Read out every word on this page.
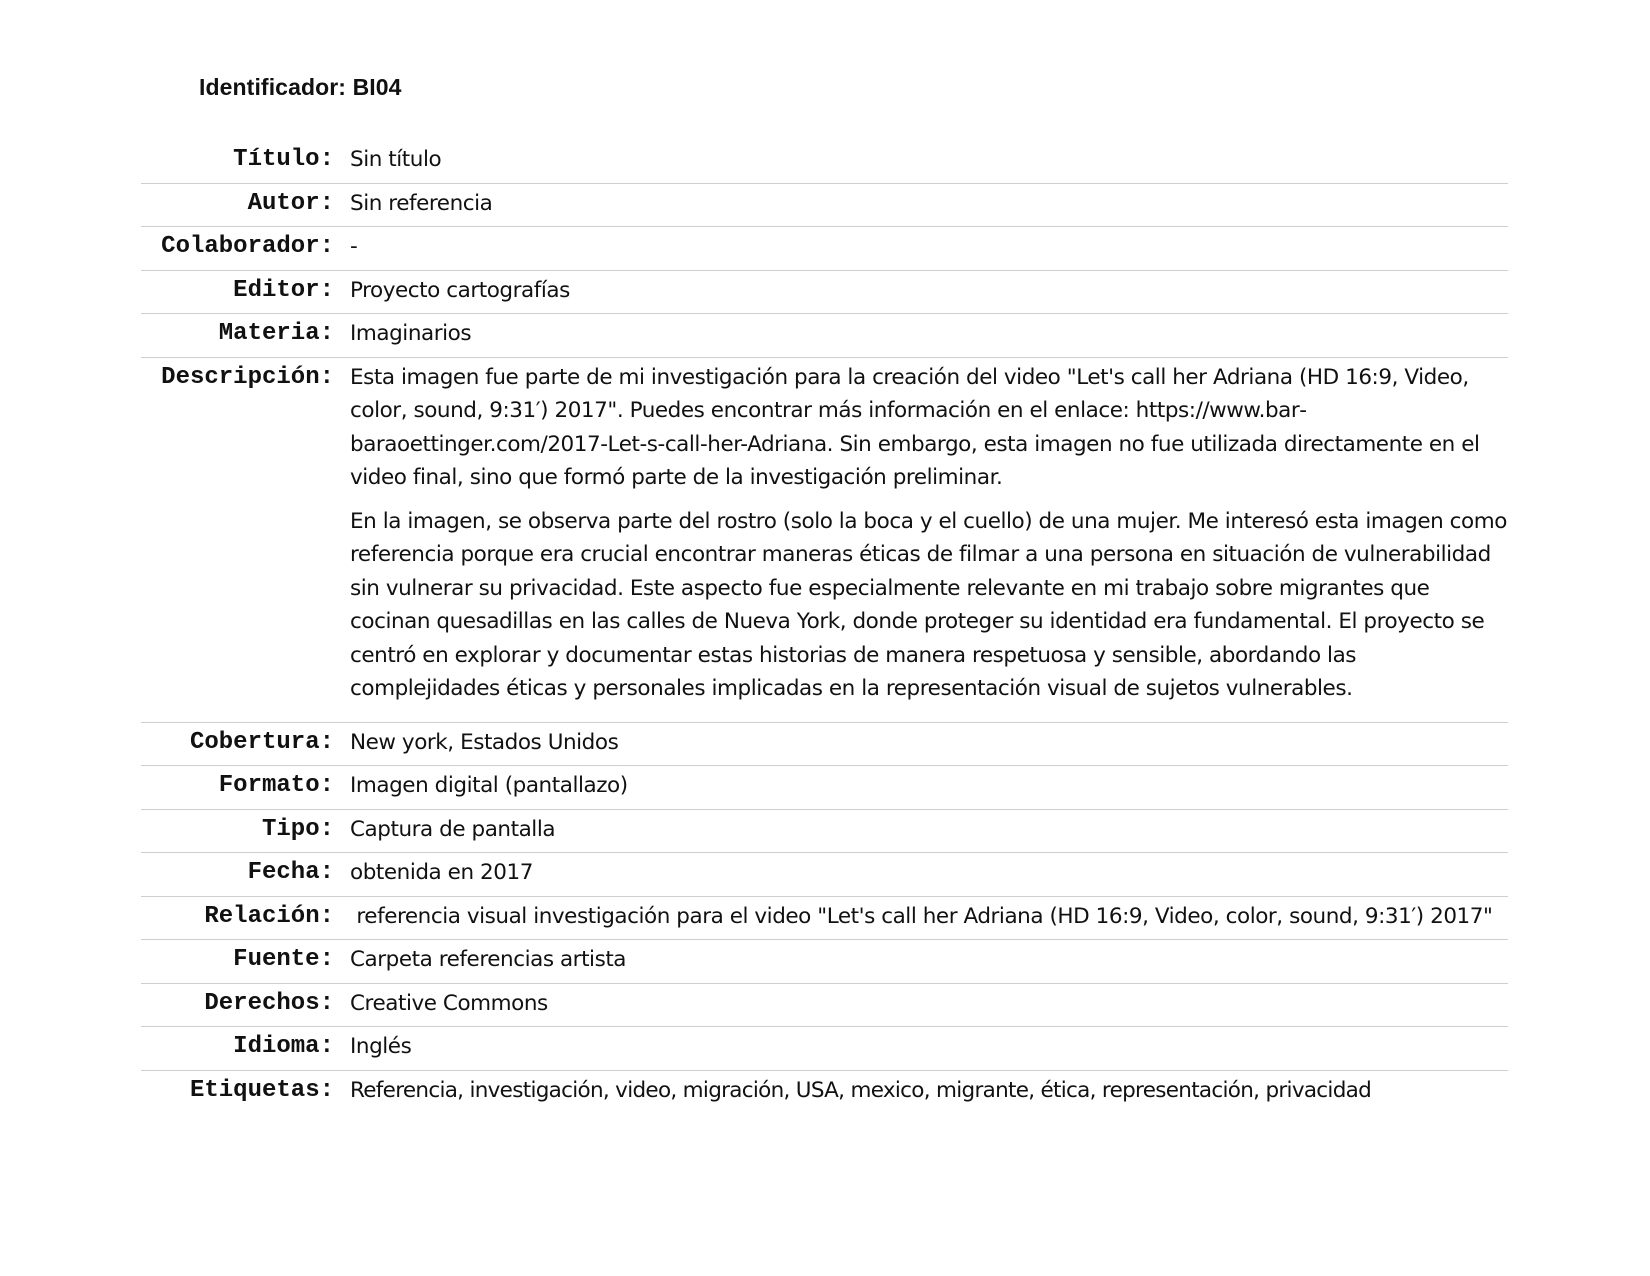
Identificador: BI04
Título: Sin título
Autor: Sin referencia
Colaborador: -
Editor: Proyecto cartografías
Materia: Imaginarios
Descripción: Esta imagen fue parte de mi investigación para la creación del video "Let's call her Adriana (HD 16:9, Video, color, sound, 9:31′) 2017". Puedes encontrar más información en el enlace: https://www.barbaraoettinger.com/2017-Let-s-call-her-Adriana. Sin embargo, esta imagen no fue utilizada directamente en el video final, sino que formó parte de la investigación preliminar.

En la imagen, se observa parte del rostro (solo la boca y el cuello) de una mujer. Me interesó esta imagen como referencia porque era crucial encontrar maneras éticas de filmar a una persona en situación de vulnerabilidad sin vulnerar su privacidad. Este aspecto fue especialmente relevante en mi trabajo sobre migrantes que cocinan quesadillas en las calles de Nueva York, donde proteger su identidad era fundamental. El proyecto se centró en explorar y documentar estas historias de manera respetuosa y sensible, abordando las complejidades éticas y personales implicadas en la representación visual de sujetos vulnerables.

Cobertura: New york, Estados Unidos
Formato: Imagen digital (pantallazo)
Tipo: Captura de pantalla
Fecha: obtenida en 2017
Relación: referencia visual investigación para el video "Let's call her Adriana (HD 16:9, Video, color, sound, 9:31′) 2017"
Fuente: Carpeta referencias artista
Derechos: Creative Commons
Idioma: Inglés
Etiquetas: Referencia, investigación, video, migración, USA, mexico, migrante, ética, representación, privacidad
